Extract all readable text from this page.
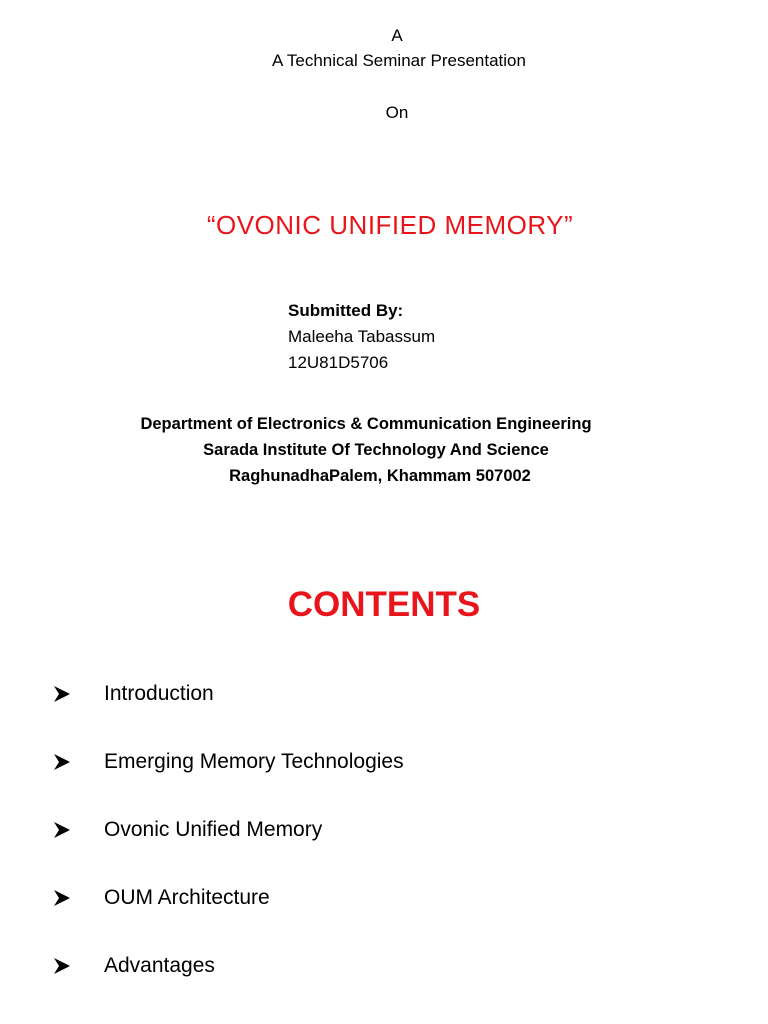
A
A Technical Seminar Presentation
On
“OVONIC UNIFIED MEMORY”
Submitted By:
Maleeha Tabassum
12U81D5706
Department of Electronics & Communication Engineering
Sarada Institute Of Technology And Science
RaghunadhaPalem, Khammam 507002
CONTENTS
Introduction
Emerging Memory Technologies
Ovonic Unified Memory
OUM Architecture
Advantages
